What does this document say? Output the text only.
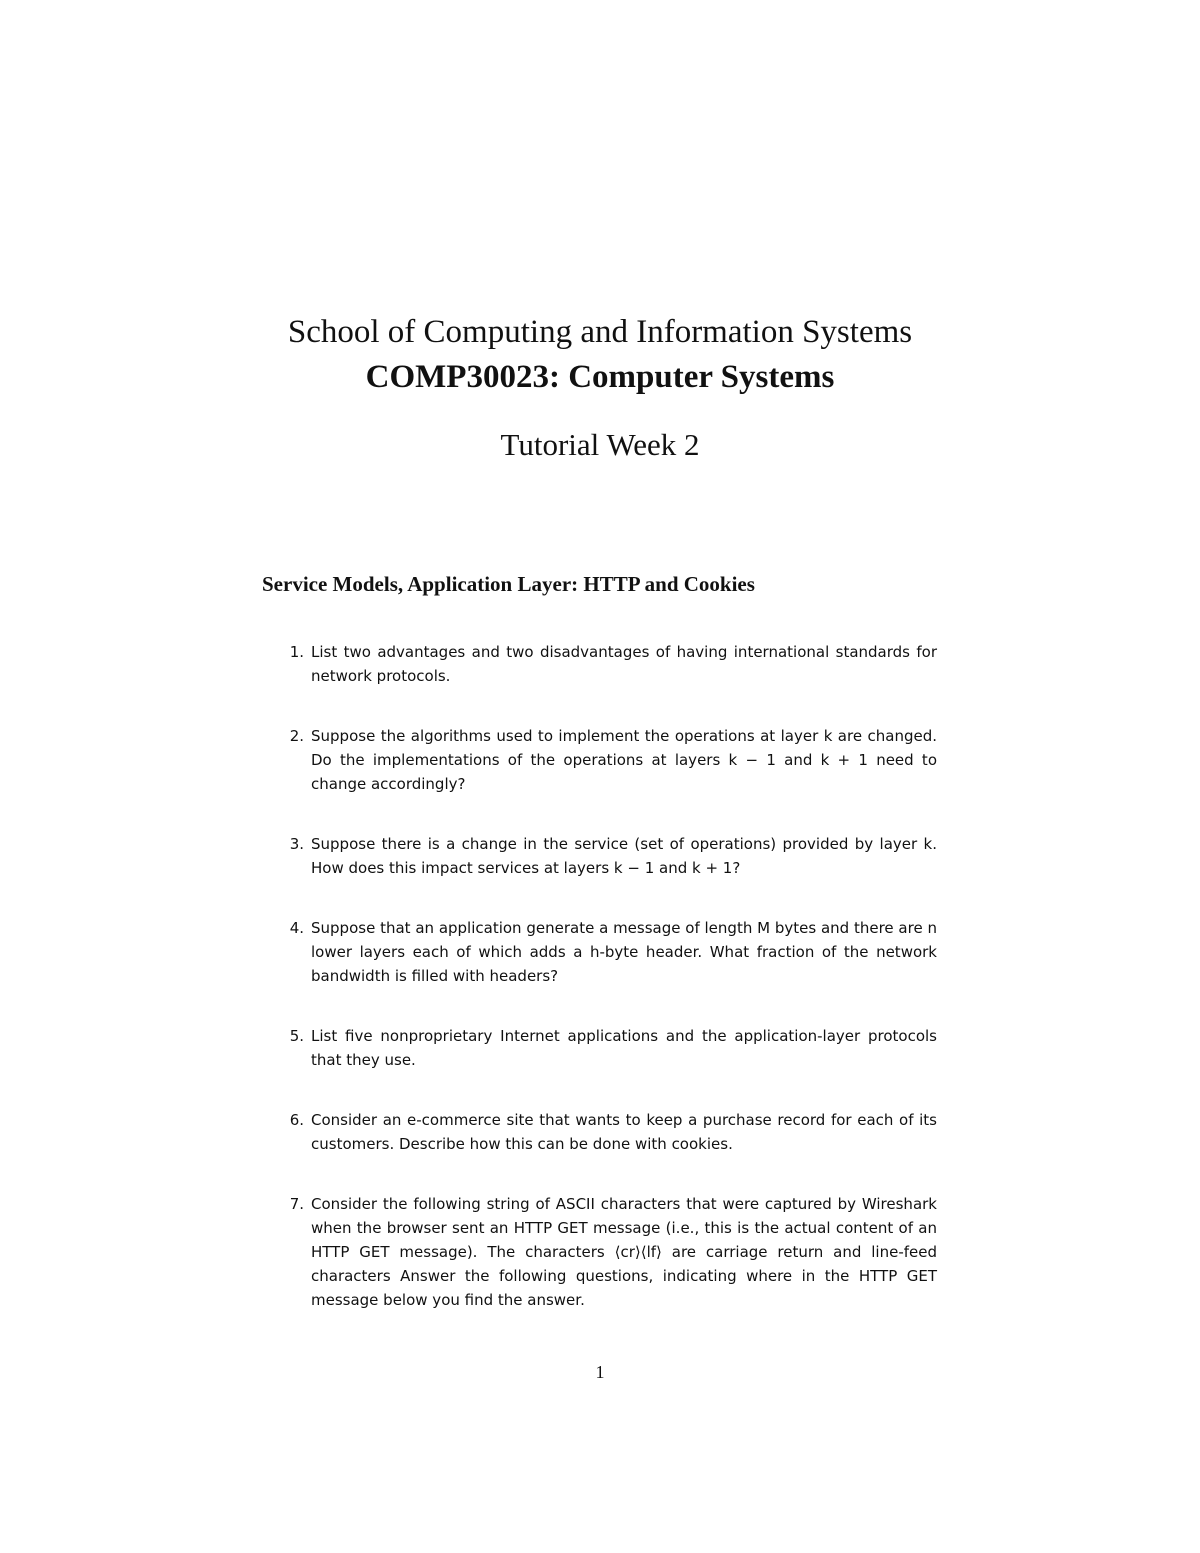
School of Computing and Information Systems
COMP30023: Computer Systems
Tutorial Week 2
Service Models, Application Layer: HTTP and Cookies
1. List two advantages and two disadvantages of having international standards for network protocols.
2. Suppose the algorithms used to implement the operations at layer k are changed. Do the implementations of the operations at layers k − 1 and k + 1 need to change accordingly?
3. Suppose there is a change in the service (set of operations) provided by layer k. How does this impact services at layers k − 1 and k + 1?
4. Suppose that an application generate a message of length M bytes and there are n lower layers each of which adds a h-byte header. What fraction of the network bandwidth is filled with headers?
5. List five nonproprietary Internet applications and the application-layer protocols that they use.
6. Consider an e-commerce site that wants to keep a purchase record for each of its customers. Describe how this can be done with cookies.
7. Consider the following string of ASCII characters that were captured by Wireshark when the browser sent an HTTP GET message (i.e., this is the actual content of an HTTP GET message). The characters ⟨cr⟩⟨lf⟩ are carriage return and line-feed characters Answer the following questions, indicating where in the HTTP GET message below you find the answer.
1
